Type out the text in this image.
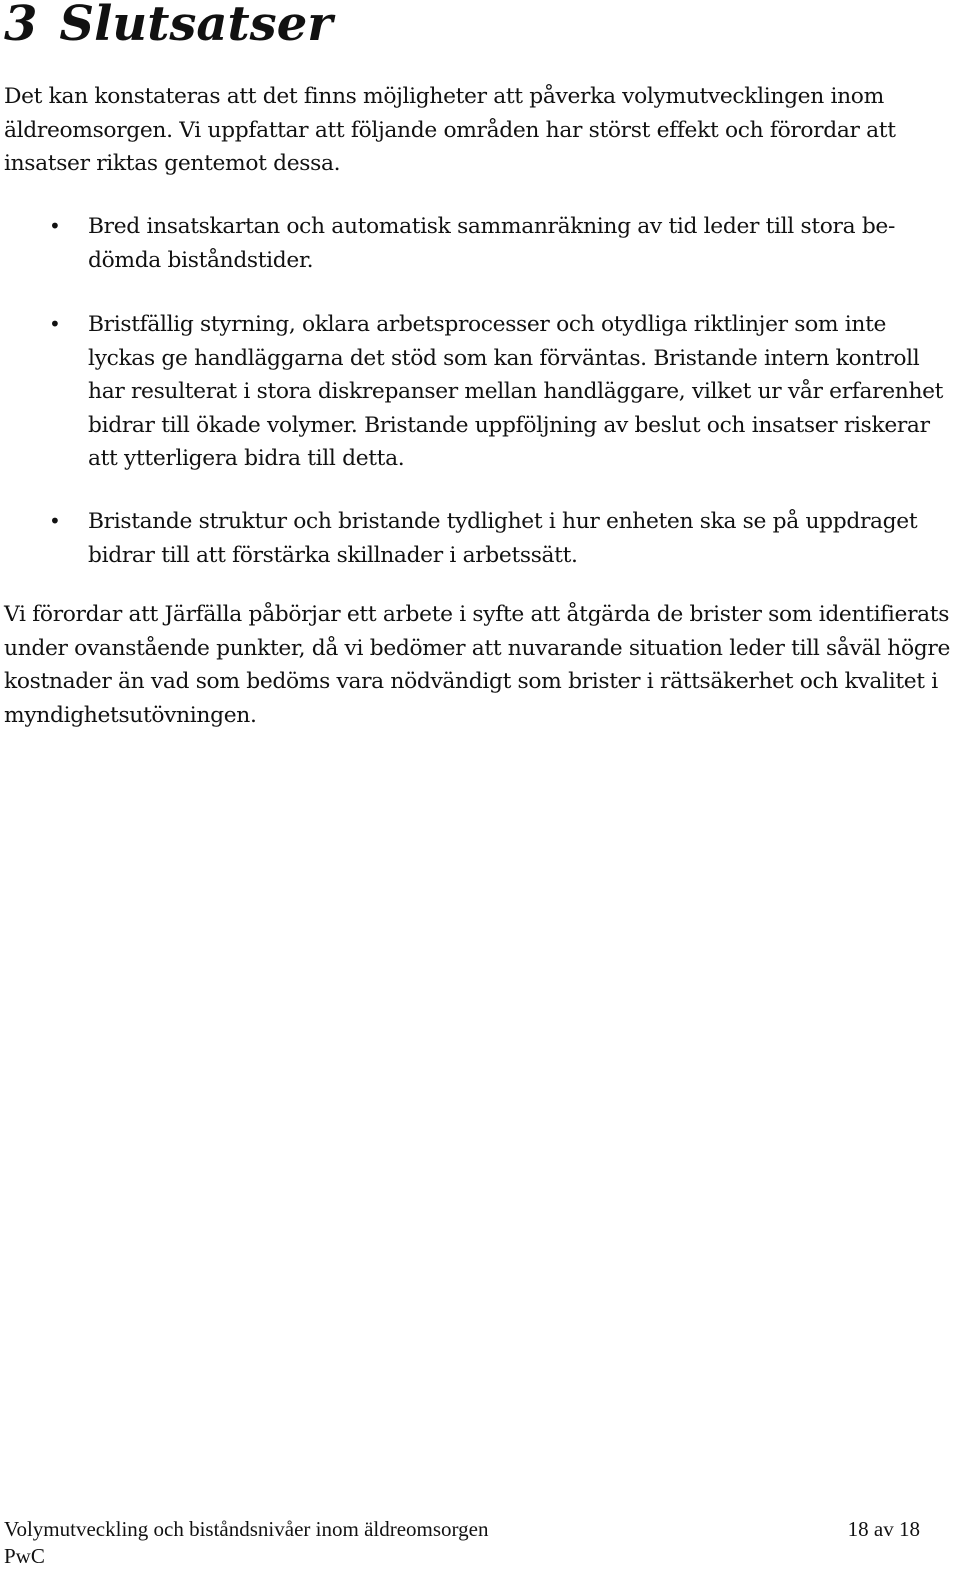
3 Slutsatser

Det kan konstateras att det finns möjligheter att påverka volymutvecklingen inom äldreomsorgen. Vi uppfattar att följande områden har störst effekt och förordar att insatser riktas gentemot dessa.

• Bred insatskartan och automatisk sammanräkning av tid leder till stora bedömda biståndstider.
• Bristfällig styrning, oklara arbetsprocesser och otydliga riktlinjer som inte lyckas ge handläggarna det stöd som kan förväntas. Bristande intern kontroll har resulterat i stora diskrepanser mellan handläggare, vilket ur vår erfarenhet bidrar till ökade volymer. Bristande uppföljning av beslut och insatser riskerar att ytterligera bidra till detta.
• Bristande struktur och bristande tydlighet i hur enheten ska se på uppdraget bidrar till att förstärka skillnader i arbetssätt.

Vi förordar att Järfälla påbörjar ett arbete i syfte att åtgärda de brister som identifierats under ovanstående punkter, då vi bedömer att nuvarande situation leder till såväl högre kostnader än vad som bedöms vara nödvändigt som brister i rättsäkerhet och kvalitet i myndighetsutövningen.

Volymutveckling och biståndsnivåer inom äldreomsorgen	18 av 18
PwC
